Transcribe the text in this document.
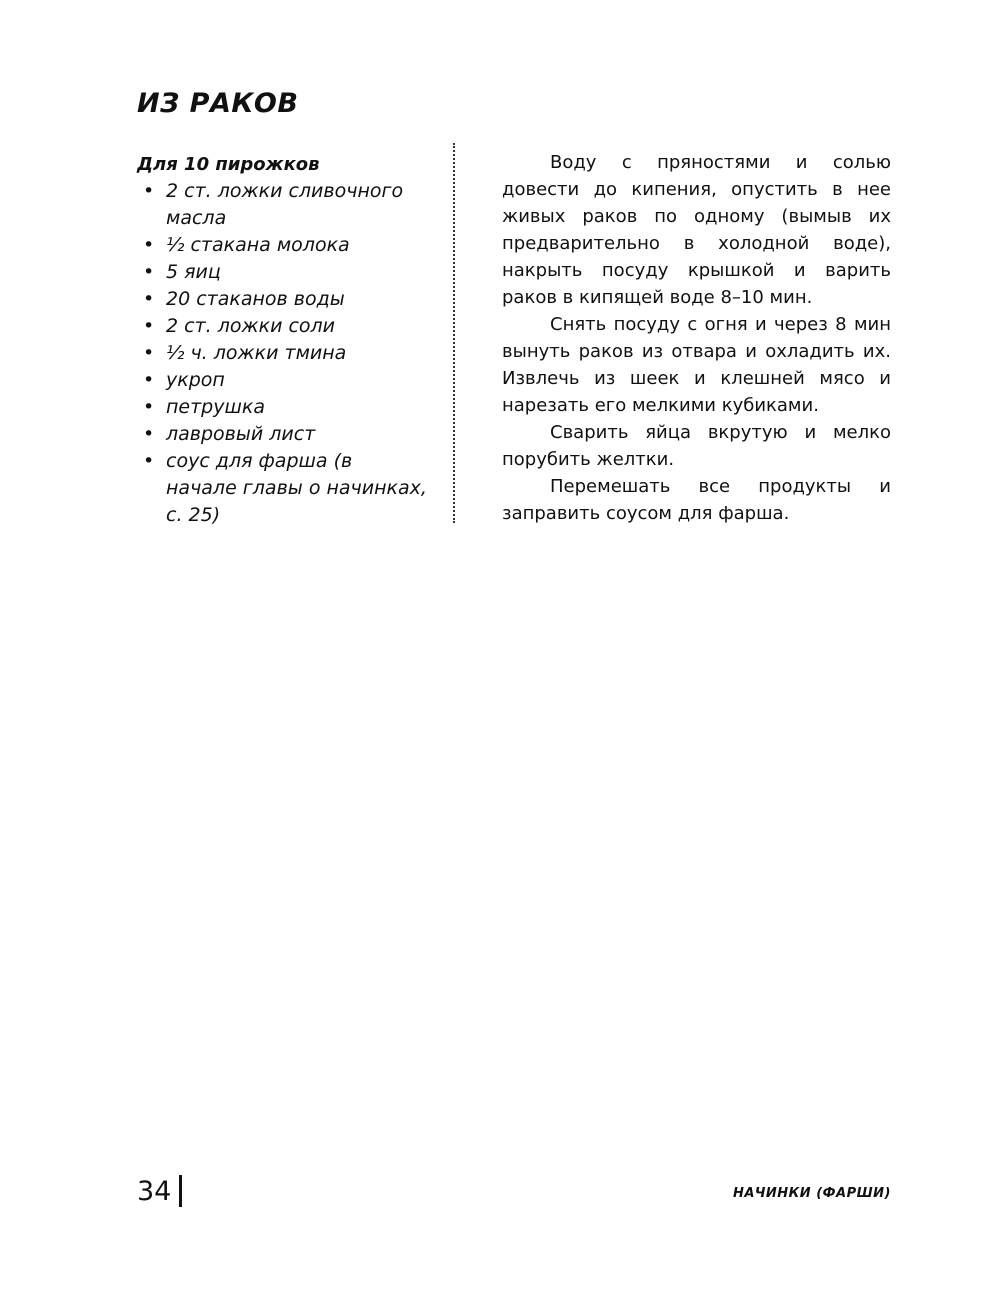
ИЗ РАКОВ
Для 10 пирожков
• 2 ст. ложки сливочного масла
• ½ стакана молока
• 5 яиц
• 20 стаканов воды
• 2 ст. ложки соли
• ½ ч. ложки тмина
• укроп
• петрушка
• лавровый лист
• соус для фарша (в начале главы о начинках, с. 25)

Воду с пряностями и солью довести до кипения, опустить в нее живых раков по одному (вымыв их предварительно в холодной воде), накрыть посуду крышкой и варить раков в кипящей воде 8–10 мин.

Снять посуду с огня и через 8 мин вынуть раков из отвара и охладить их. Извлечь из шеек и клешней мясо и нарезать его мелкими кубиками.

Сварить яйца вкрутую и мелко порубить желтки.

Перемешать все продукты и заправить соусом для фарша.

34	НАЧИНКИ (ФАРШИ)
